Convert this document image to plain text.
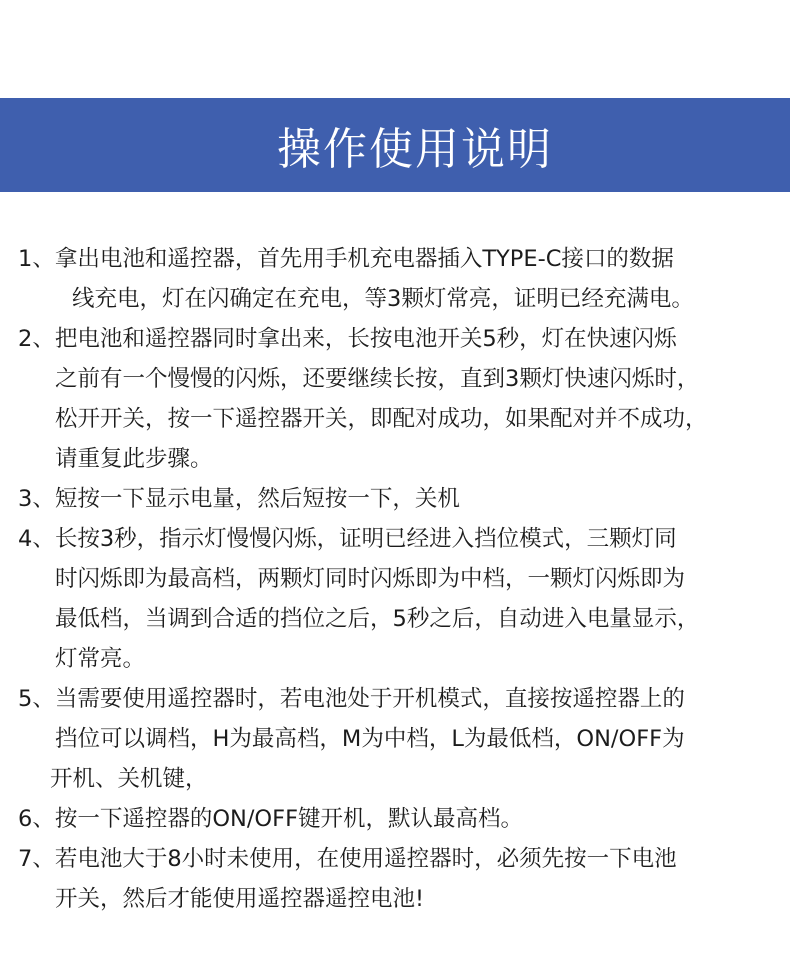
操作使用说明
1、拿出电池和遥控器，首先用手机充电器插入TYPE-C接口的数据
线充电，灯在闪确定在充电，等3颗灯常亮，证明已经充满电。
2、把电池和遥控器同时拿出来，长按电池开关5秒，灯在快速闪烁
之前有一个慢慢的闪烁，还要继续长按，直到3颗灯快速闪烁时，
松开开关，按一下遥控器开关，即配对成功，如果配对并不成功，
请重复此步骤。
3、短按一下显示电量，然后短按一下，关机
4、长按3秒，指示灯慢慢闪烁，证明已经进入挡位模式，三颗灯同
时闪烁即为最高档，两颗灯同时闪烁即为中档，一颗灯闪烁即为
最低档，当调到合适的挡位之后，5秒之后，自动进入电量显示，
灯常亮。
5、当需要使用遥控器时，若电池处于开机模式，直接按遥控器上的
挡位可以调档，H为最高档，M为中档，L为最低档，ON/OFF为
开机、关机键，
6、按一下遥控器的ON/OFF键开机，默认最高档。
7、若电池大于8小时未使用，在使用遥控器时，必须先按一下电池
开关，然后才能使用遥控器遥控电池!
